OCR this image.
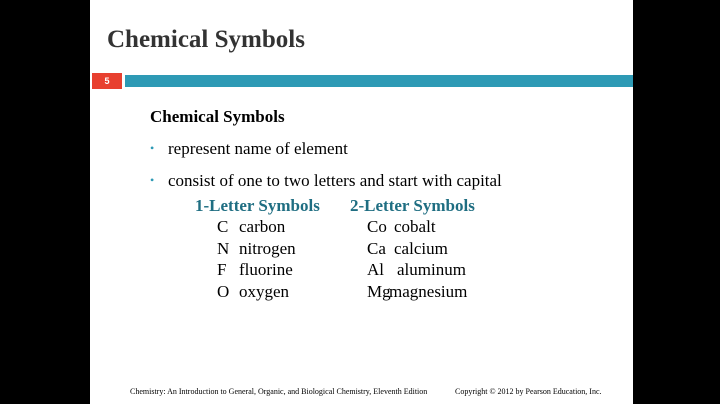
Chemical Symbols
5
Chemical Symbols
• represent name of element
• consist of one to two letters and start with capital
1-Letter Symbols
C carbon
N nitrogen
F fluorine
O oxygen
2-Letter Symbols
Co cobalt
Ca calcium
Al aluminum
Mgmagnesium
Chemistry: An Introduction to General, Organic, and Biological Chemistry, Eleventh Edition	Copyright © 2012 by Pearson Education, Inc.
